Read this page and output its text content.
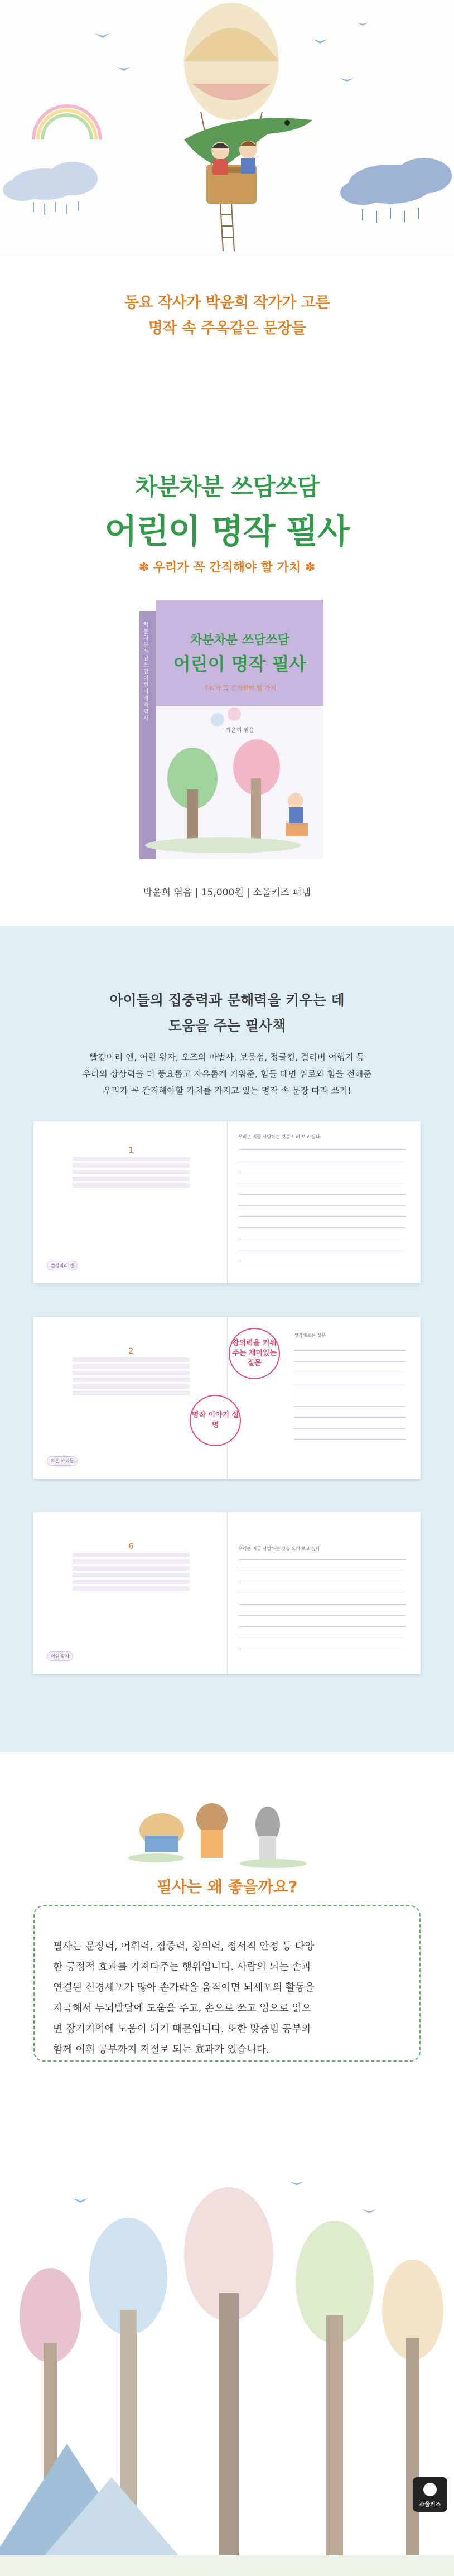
동요 작사가 박윤희 작가가 고른
명작 속 주옥같은 문장들
차분차분 쓰담쓰담
어린이 명작 필사
✽ 우리가 꼭 간직해야 할 가치 ✽
차분차분 쓰담쓰담 어린이 명작 필사
차분차분 쓰담쓰담
어린이 명작 필사
우리가 꼭 간직해야 할 가치
박윤희 엮음
박윤희 엮음 | 15,000원 | 소울키즈 펴냄
아이들의 집중력과 문해력을 키우는 데
도움을 주는 필사책
빨강머리 앤, 어린 왕자, 오즈의 마법사, 보물섬, 정글킹, 걸리버 여행기 등
우리의 상상력을 더 풍요롭고 자유롭게 키워준, 힘들 때면 위로와 힘을 전해준
우리가 꼭 간직해야할 가치를 가지고 있는 명작 속 문장 따라 쓰기!
1
빨강머리 앤
우리는 지금 사랑하는 것을 오래 보고 싶다
2
작은 아씨들
생각해보는 질문
창의력을 키워주는 재미있는 질문
명작 이야기 설명
6
어린 왕자
우리는 지금 사랑하는 것을 오래 보고 싶다
필사는 왜 좋을까요?
필사는 문장력, 어휘력, 집중력, 창의력, 정서적 안정 등 다양
한 긍정적 효과를 가져다주는 행위입니다. 사람의 뇌는 손과
연결된 신경세포가 많아 손가락을 움직이면 뇌세포의 활동을
자극해서 두뇌발달에 도움을 주고, 손으로 쓰고 입으로 읽으
면 장기기억에 도움이 되기 때문입니다. 또한 맞춤법 공부와
함께 어휘 공부까지 저절로 되는 효과가 있습니다.
소울키즈
